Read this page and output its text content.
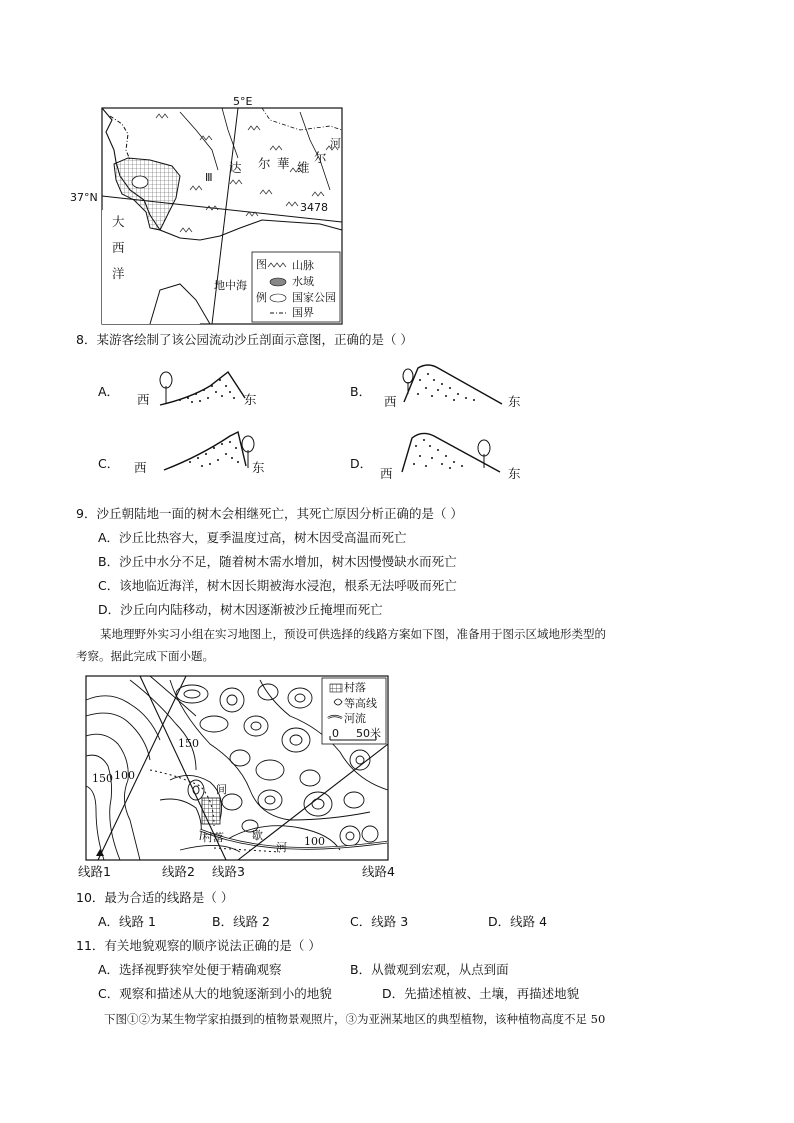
5°E
37°N
大
西
洋
地中海
Ⅲ
达 尔 華 维
尔
河
3478
图
例
山脉
水域
国家公园
国界
8．某游客绘制了该公园流动沙丘剖面示意图，正确的是（ ）
A．
西	东
B．
西	东
C． 西	东	D．
西	东
9．沙丘朝陆地一面的树木会相继死亡，其死亡原因分析正确的是（ ）
A．沙丘比热容大，夏季温度过高，树木因受高温而死亡
B．沙丘中水分不足，随着树木需水增加，树木因慢慢缺水而死亡
C．该地临近海洋，树木因长期被海水浸泡，根系无法呼吸而死亡
D．沙丘向内陆移动，树木因逐渐被沙丘掩埋而死亡
某地理野外实习小组在实习地图上，预设可供选择的线路方案如下图，准备用于图示区域地形类型的
考察。据此完成下面小题。
村落
等高线
河流
0 50米
150
150 100
100
间
村落	歇
河
线路1	线路2 线路3	线路4
10．最为合适的线路是（ ）
A．线路 1	B．线路 2	C．线路 3	D．线路 4
11．有关地貌观察的顺序说法正确的是（ ）
A．选择视野狭窄处便于精确观察	B．从微观到宏观，从点到面
C．观察和描述从大的地貌逐渐到小的地貌	D．先描述植被、土壤，再描述地貌
下图①②为某生物学家拍摄到的植物景观照片，③为亚洲某地区的典型植物，该种植物高度不足 50
